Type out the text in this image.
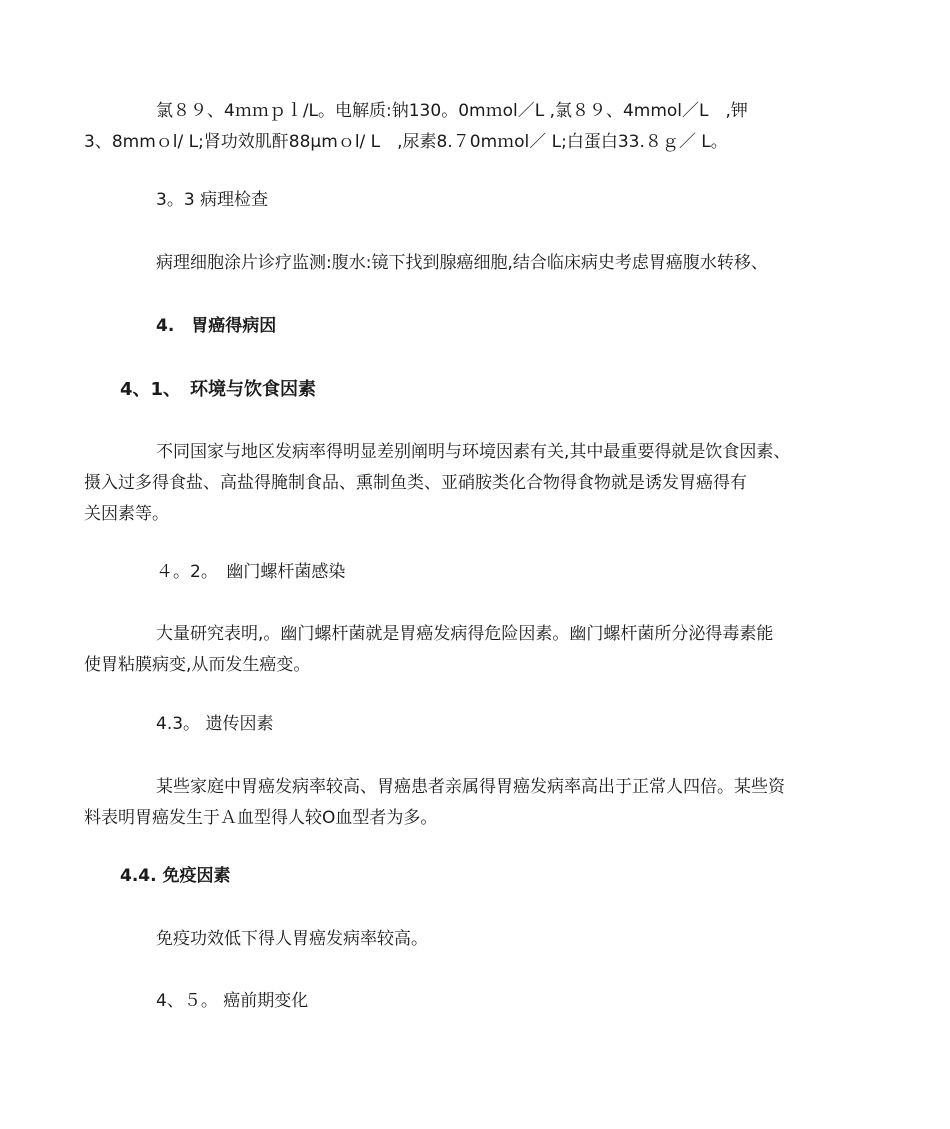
氯８９、4ｍｍｐｌ/L。电解质:钠130。0mｍol／L ,氯８９、4mmol／L　,钾
3、8mmｏl/ L;肾功效肌酐88μmｏl/ L　,尿素8.７0mｍol／ L;白蛋白33.８ｇ／ L。
3。3 病理检查
病理细胞涂片诊疗监测:腹水:镜下找到腺癌细胞,结合临床病史考虑胃癌腹水转移、
4.　胃癌得病因
4、1、　环境与饮食因素
不同国家与地区发病率得明显差别阐明与环境因素有关,其中最重要得就是饮食因素、
摄入过多得食盐、高盐得腌制食品、熏制鱼类、亚硝胺类化合物得食物就是诱发胃癌得有
关因素等。
４。2。　幽门螺杆菌感染
大量研究表明,。幽门螺杆菌就是胃癌发病得危险因素。幽门螺杆菌所分泌得毒素能
使胃粘膜病变,从而发生癌变。
4.3。 遗传因素
某些家庭中胃癌发病率较高、胃癌患者亲属得胃癌发病率高出于正常人四倍。某些资
料表明胃癌发生于Ａ血型得人较O血型者为多。
4.4. 免疫因素
免疫功效低下得人胃癌发病率较高。
4、５。 癌前期变化
